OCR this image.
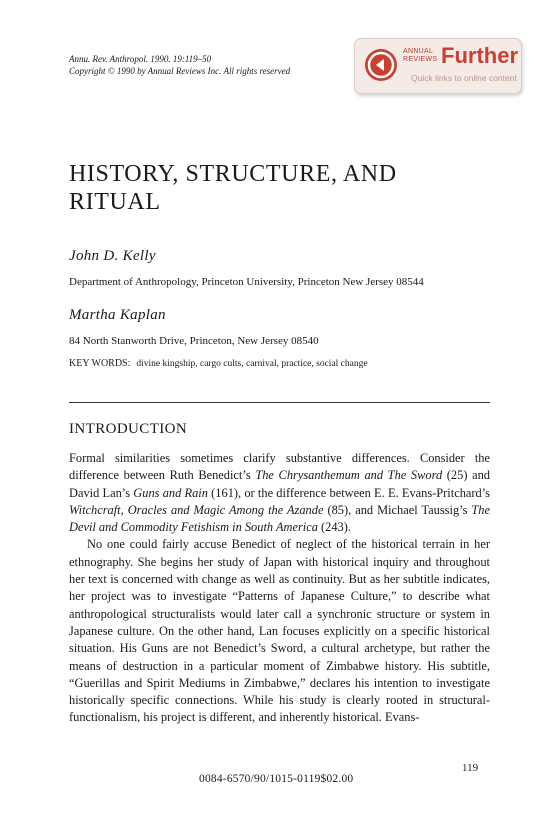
Annu. Rev. Anthropol. 1990. 19:119–50
Copyright © 1990 by Annual Reviews Inc. All rights reserved
ANNUAL
REVIEWS Further
Quick links to online content
HISTORY, STRUCTURE, AND RITUAL
John D. Kelly
Department of Anthropology, Princeton University, Princeton New Jersey 08544
Martha Kaplan
84 North Stanworth Drive, Princeton, New Jersey 08540
KEY WORDS: divine kingship, cargo cults, carnival, practice, social change
INTRODUCTION

Formal similarities sometimes clarify substantive differences. Consider the difference between Ruth Benedict’s The Chrysanthemum and The Sword (25) and David Lan’s Guns and Rain (161), or the difference between E. E. Evans-Pritchard’s Witchcraft, Oracles and Magic Among the Azande (85), and Michael Taussig’s The Devil and Commodity Fetishism in South America (243).

No one could fairly accuse Benedict of neglect of the historical terrain in her ethnography. She begins her study of Japan with historical inquiry and throughout her text is concerned with change as well as continuity. But as her subtitle indicates, her project was to investigate “Patterns of Japanese Culture,” to describe what anthropological structuralists would later call a synchronic structure or system in Japanese culture. On the other hand, Lan focuses explicitly on a specific historical situation. His Guns are not Benedict’s Sword, a cultural archetype, but rather the means of destruction in a particular moment of Zimbabwe history. His subtitle, “Guerillas and Spirit Mediums in Zimbabwe,” declares his intention to investigate historically specific connections. While his study is clearly rooted in structural-functionalism, his project is different, and inherently historical. Evans-

119
0084-6570/90/1015-0119$02.00
